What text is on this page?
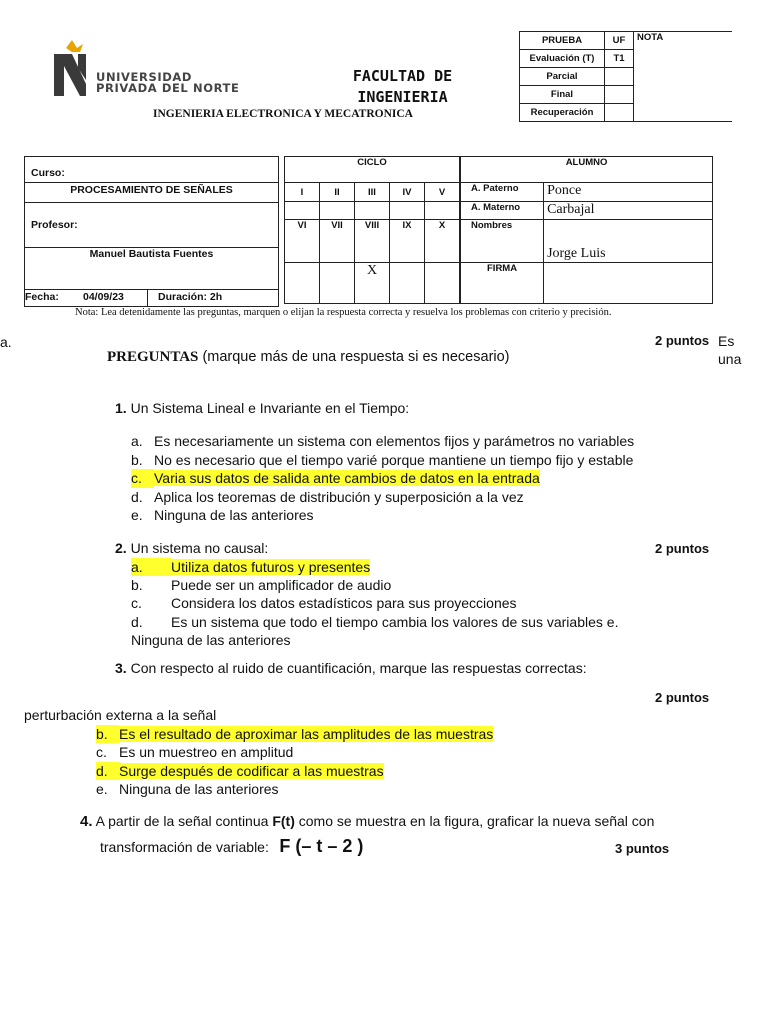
UNIVERSIDAD
PRIVADA DEL NORTE
FACULTAD DE
INGENIERIA
INGENIERIA ELECTRONICA Y MECATRONICA
PRUEBA	UF	NOTA
Evaluación (T)	T1	
Parcial		
Final		
Recuperación		
Curso:
PROCESAMIENTO DE SEÑALES
Profesor:
Manuel Bautista Fuentes
Fecha:	04/09/23	Duración: 2h
CICLO				
I	II	III	IV	V

VI	VII	VIII	IX	X
		X		
ALUMNO	
A. Paterno	Ponce
A. Materno	Carbajal
Nombres	Jorge Luis
FIRMA	
Nota: Lea detenidamente las preguntas, marquen o elijan la respuesta correcta y resuelva los problemas con criterio y precisión.
a.	2 puntos Es
una
PREGUNTAS (marque más de una respuesta si es necesario)
1. Un Sistema Lineal e Invariante en el Tiempo:
a. Es necesariamente un sistema con elementos fijos y parámetros no variables
b. No es necesario que el tiempo varié porque mantiene un tiempo fijo y estable
c. Varia sus datos de salida ante cambios de datos en la entrada
d. Aplica los teoremas de distribución y superposición a la vez
e. Ninguna de las anteriores
2. Un sistema no causal:	2 puntos
a. Utiliza datos futuros y presentes
b. Puede ser un amplificador de audio
c. Considera los datos estadísticos para sus proyecciones
d. Es un sistema que todo el tiempo cambia los valores de sus variables e.
Ninguna de las anteriores
3. Con respecto al ruido de cuantificación, marque las respuestas correctas:
2 puntos
perturbación externa a la señal
b. Es el resultado de aproximar las amplitudes de las muestras
c. Es un muestreo en amplitud
d. Surge después de codificar a las muestras
e. Ninguna de las anteriores
4. A partir de la señal continua F(t) como se muestra en la figura, graficar la nueva señal con
transformación de variable: F (– t – 2 )	3 puntos
